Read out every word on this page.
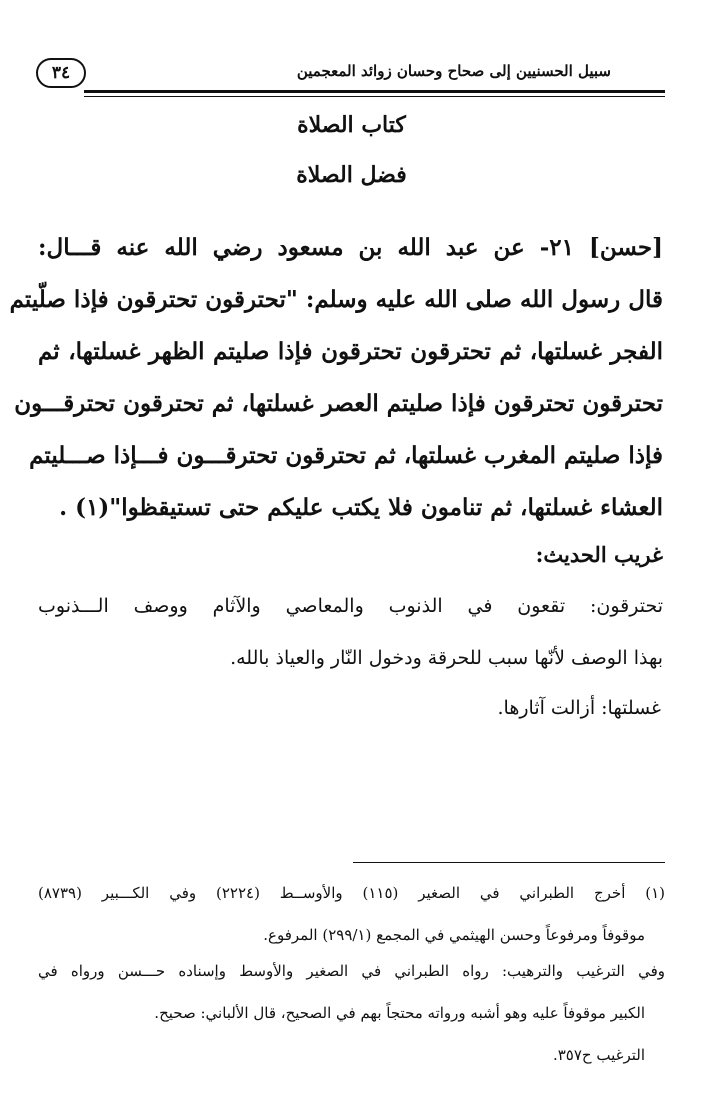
سبيل الحسنيين إلى صحاح وحسان زوائد المعجمين
٣٤
كتاب الصلاة
فضل الصلاة
[حسن] ٢١- عن عبد الله بن مسعود رضي الله عنه قـــال:
قال رسول الله صلى الله عليه وسلم: "تحترقون تحترقون فإذا صلّيتم
الفجر غسلتها، ثم تحترقون تحترقون فإذا صليتم الظهر غسلتها، ثم
تحترقون تحترقون فإذا صليتم العصر غسلتها، ثم تحترقون تحترقـــون
فإذا صليتم المغرب غسلتها، ثم تحترقون تحترقـــون فـــإذا صـــليتم
العشاء غسلتها، ثم تنامون فلا يكتب عليكم حتى تستيقظوا"(١) .
غريب الحديث:
تحترقون: تقعون في الذنوب والمعاصي والآثام ووصف الـــذنوب
بهذا الوصف لأنّها سبب للحرقة ودخول النّار والعياذ بالله.
غسلتها: أزالت آثارها.
(١) أخرج الطبراني في الصغير (١١٥) والأوســط (٢٢٢٤) وفي الكـــبير (٨٧٣٩)
موقوفاً ومرفوعاً وحسن الهيثمي في المجمع (٢٩٩/١) المرفوع.
وفي الترغيب والترهيب: رواه الطبراني في الصغير والأوسط وإسناده حـــسن ورواه في
الكبير موقوفاً عليه وهو أشبه ورواته محتجاً بهم في الصحيح، قال الألباني: صحيح.
الترغيب ح٣٥٧.
